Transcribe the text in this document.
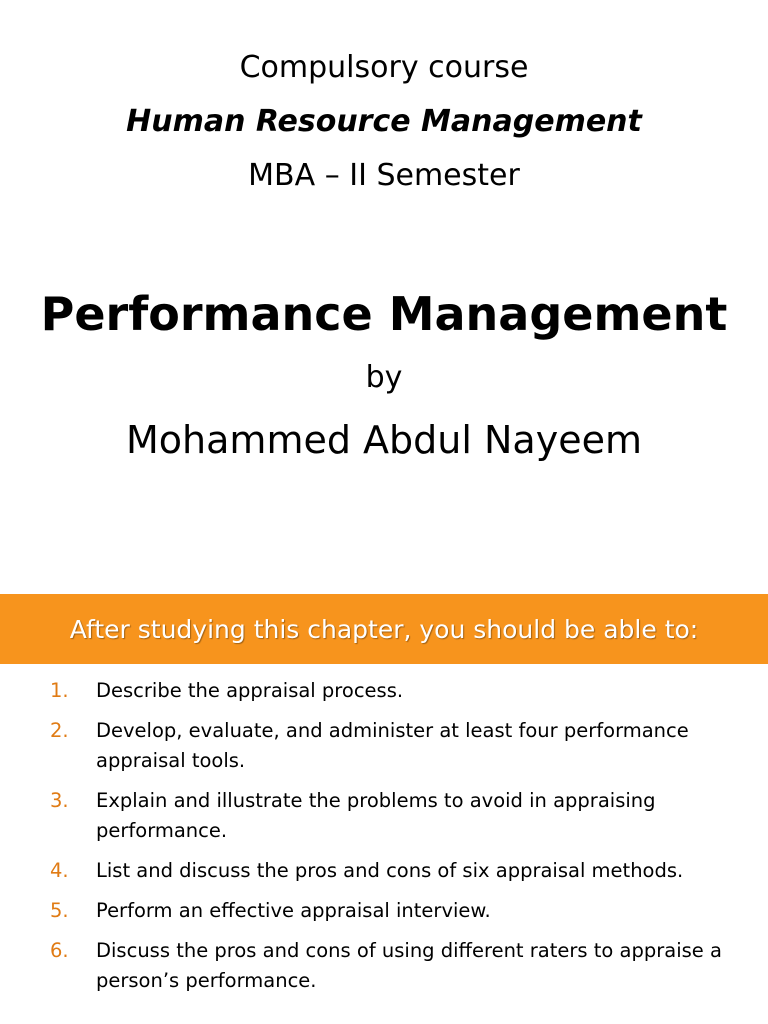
Compulsory course
Human Resource Management
MBA – II Semester
Performance Management
by
Mohammed Abdul Nayeem
After studying this chapter, you should be able to:
1. Describe the appraisal process.
2. Develop, evaluate, and administer at least four performance appraisal tools.
3. Explain and illustrate the problems to avoid in appraising performance.
4. List and discuss the pros and cons of six appraisal methods.
5. Perform an effective appraisal interview.
6. Discuss the pros and cons of using different raters to appraise a person’s performance.
